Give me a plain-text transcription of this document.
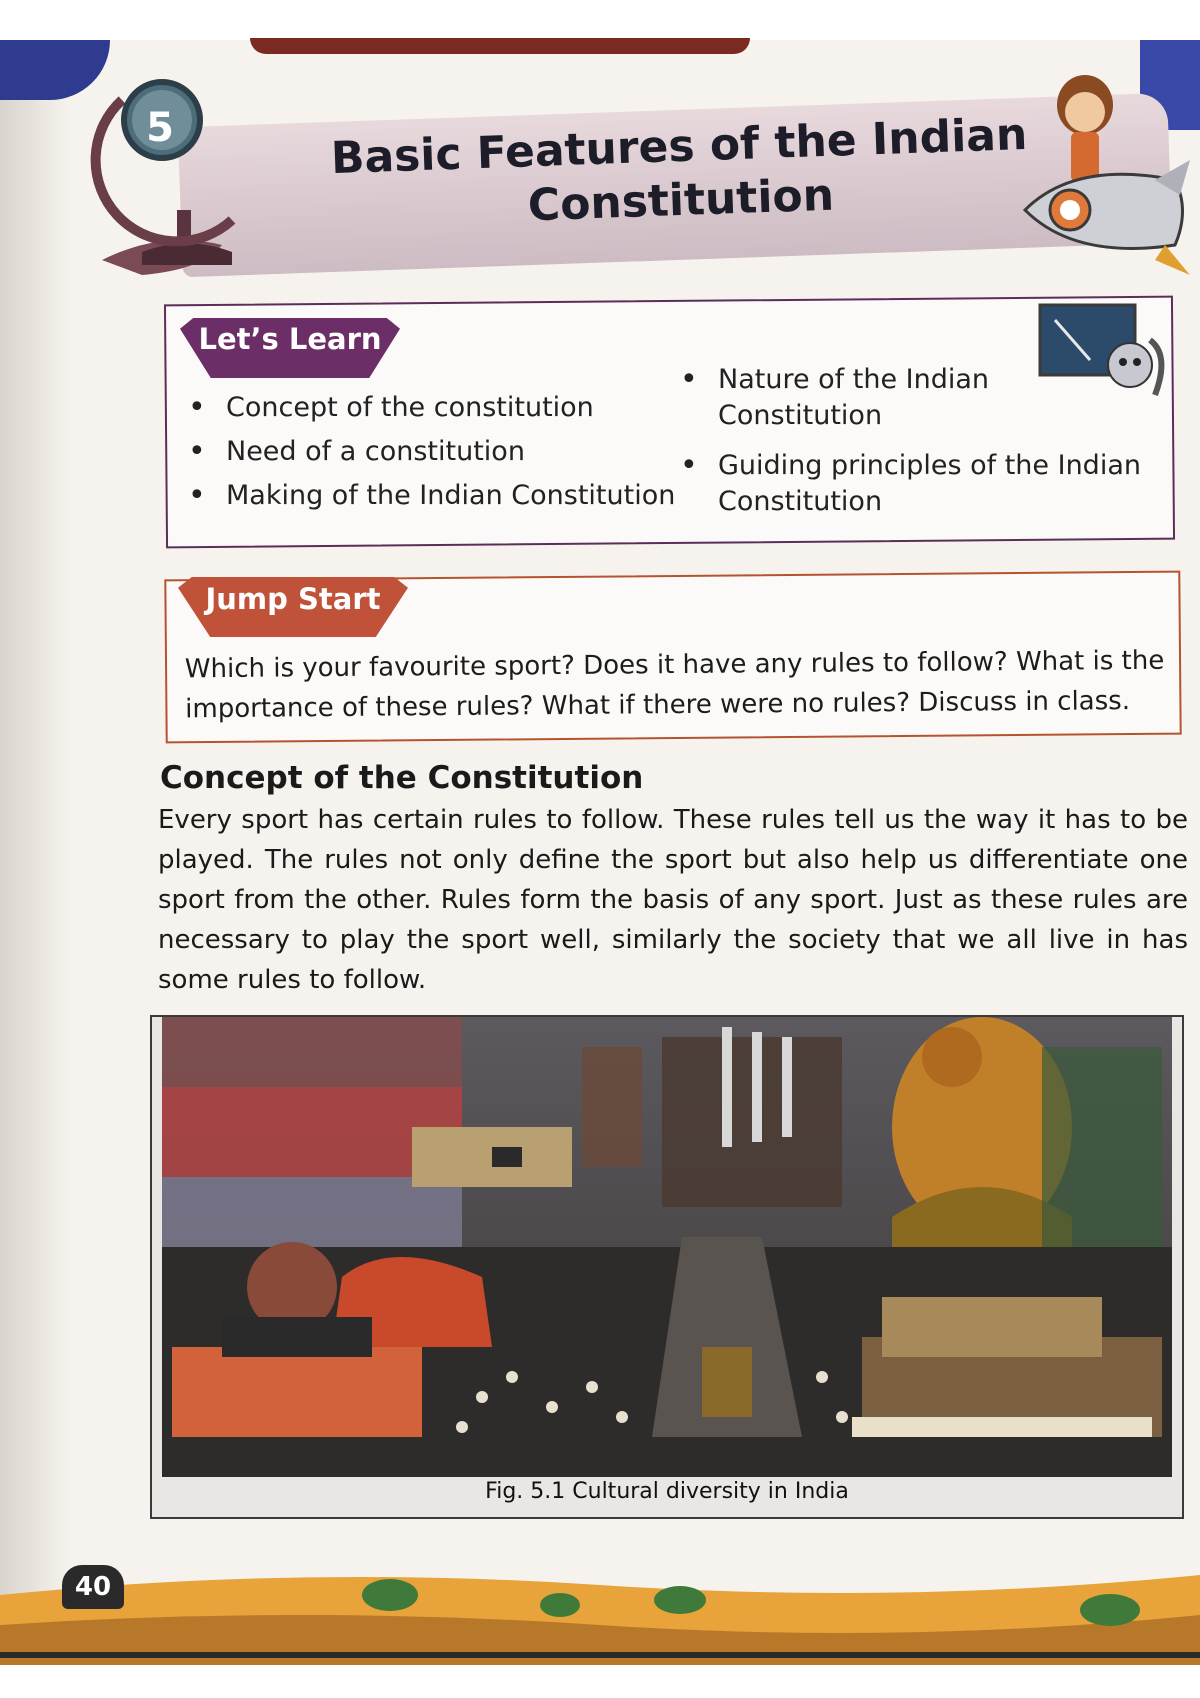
5	Basic Features of the Indian Constitution
Let’s Learn
• Concept of the constitution
• Need of a constitution
• Making of the Indian Constitution
• Nature of the Indian Constitution
• Guiding principles of the Indian Constitution
Jump Start
Which is your favourite sport? Does it have any rules to follow? What is the importance of these rules? What if there were no rules? Discuss in class.
Concept of the Constitution
Every sport has certain rules to follow. These rules tell us the way it has to be played. The rules not only define the sport but also help us differentiate one sport from the other. Rules form the basis of any sport. Just as these rules are necessary to play the sport well, similarly the society that we all live in has some rules to follow.
Fig. 5.1 Cultural diversity in India
40
